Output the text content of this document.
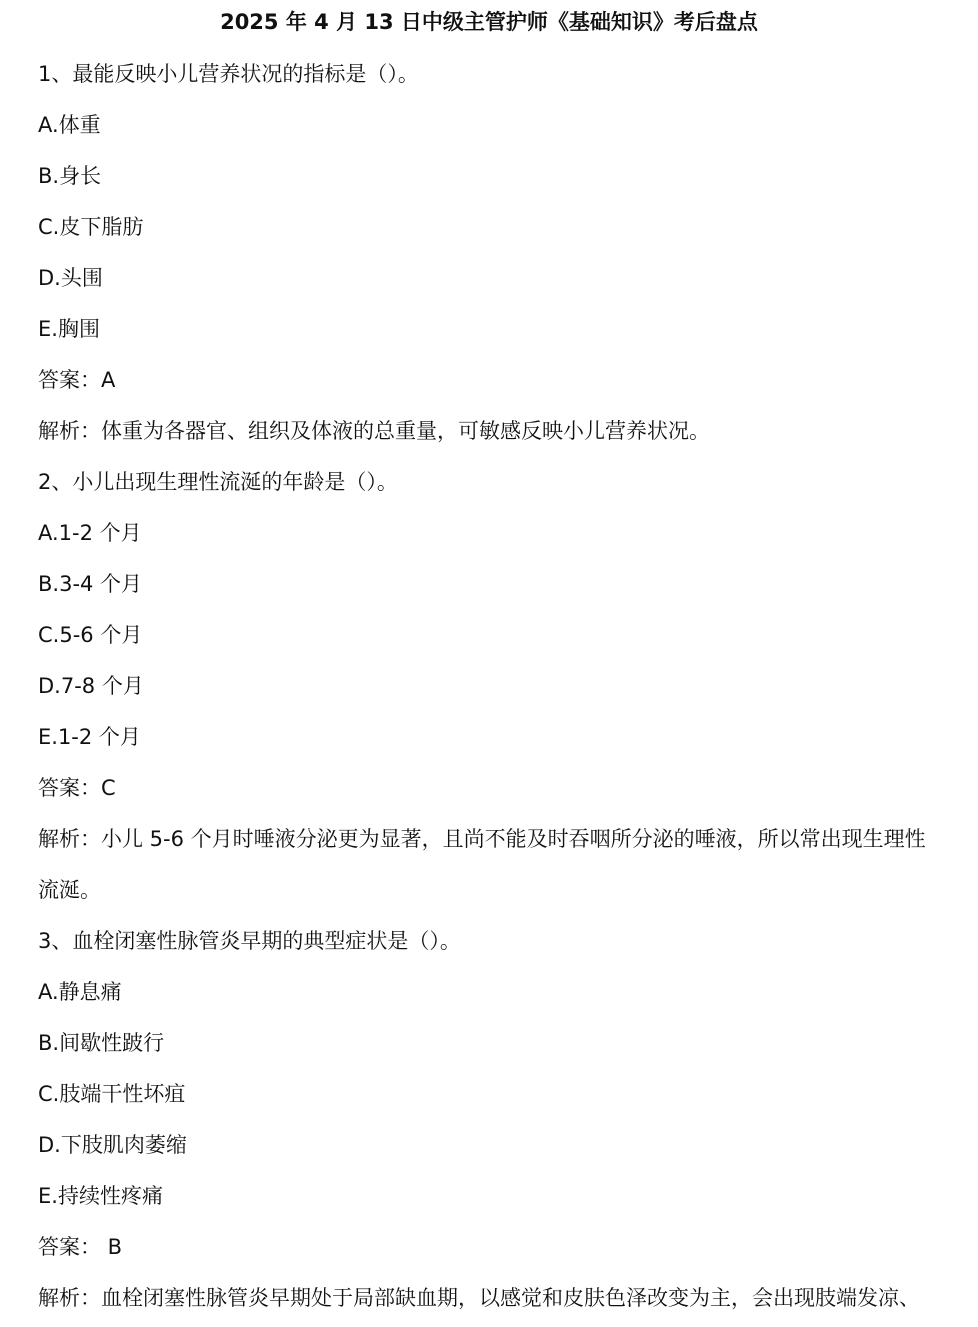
2025 年 4 月 13 日中级主管护师《基础知识》考后盘点
1、最能反映小儿营养状况的指标是（）。
A.体重
B.身长
C.皮下脂肪
D.头围
E.胸围
答案：A
解析：体重为各器官、组织及体液的总重量，可敏感反映小儿营养状况。
2、小儿出现生理性流涎的年龄是（）。
A.1-2 个月
B.3-4 个月
C.5-6 个月
D.7-8 个月
E.1-2 个月
答案：C
解析：小儿 5-6 个月时唾液分泌更为显著，且尚不能及时吞咽所分泌的唾液，所以常出现生理性
流涎。
3、血栓闭塞性脉管炎早期的典型症状是（）。
A.静息痛
B.间歇性跛行
C.肢端干性坏疽
D.下肢肌肉萎缩
E.持续性疼痛
答案： B
解析：血栓闭塞性脉管炎早期处于局部缺血期，以感觉和皮肤色泽改变为主，会出现肢端发凉、
